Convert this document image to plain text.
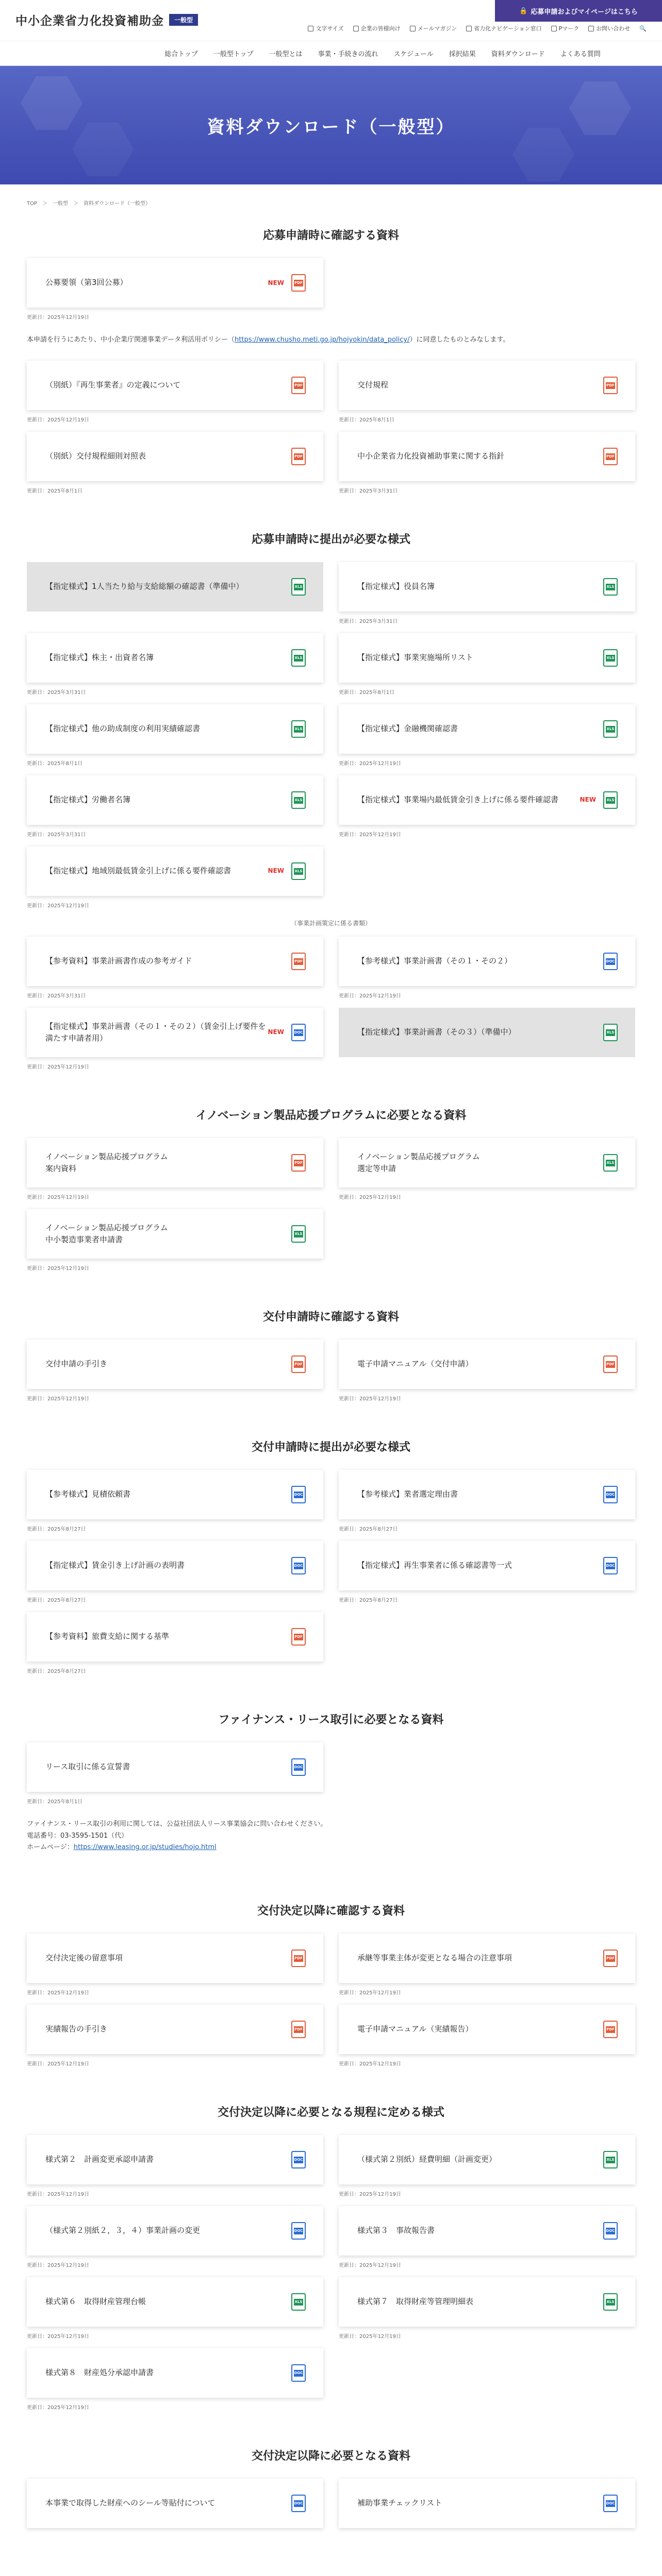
中小企業省力化投資補助金	一般型
🔒 応募申請およびマイページはこちら
文字サイズ	企業の皆様向け	メールマガジン	省力化ナビゲーション窓口	Pマーク	お問い合わせ 🔍
総合トップ 一般型トップ 一般型とは 事業・手続きの流れ スケジュール 採択結果 資料ダウンロード よくある質問
資料ダウンロード（一般型）
TOP　＞　一般型　＞　資料ダウンロード（一般型）
応募申請時に確認する資料
公募要領（第3回公募）	NEW	PDF
更新日：2025年12月19日

本申請を行うにあたり、中小企業庁関連事業データ利活用ポリシー（https://www.chusho.meti.go.jp/hojyokin/data_policy/）に同意したものとみなします。

（別紙）『再生事業者』の定義について	PDF
更新日：2025年12月19日
交付規程	PDF
更新日：2025年8月1日
（別紙）交付規程細則対照表	PDF
更新日：2025年8月1日
中小企業省力化投資補助事業に関する指針	PDF
更新日：2025年3月31日
応募申請時に提出が必要な様式
【指定様式】1人当たり給与支給総額の確認書（準備中）	XLS	【指定様式】役員名簿	XLS
更新日：2025年3月31日
【指定様式】株主・出資者名簿	XLS
更新日：2025年3月31日
【指定様式】事業実施場所リスト	XLS
更新日：2025年8月1日
【指定様式】他の助成制度の利用実績確認書	XLS
更新日：2025年8月1日
【指定様式】金融機関確認書	XLS
更新日：2025年12月19日
【指定様式】労働者名簿	XLS
更新日：2025年3月31日
【指定様式】事業場内最低賃金引き上げに係る要件確認書	NEW	XLS
更新日：2025年12月19日
【指定様式】地域別最低賃金引上げに係る要件確認書	NEW	XLS
更新日：2025年12月19日
（事業計画策定に係る書類）
【参考資料】事業計画書作成の参考ガイド	PDF
更新日：2025年3月31日
【参考様式】事業計画書（その１・その２）	DOC
更新日：2025年12月19日
【指定様式】事業計画書（その１・その２）（賃金引上げ要件を満たす申請者用）
NEW	DOC
更新日：2025年12月19日
【指定様式】事業計画書（その３）（準備中）	XLS
イノベーション製品応援プログラムに必要となる資料
イノベーション製品応援プログラム
案内資料
PDF
更新日：2025年12月19日
イノベーション製品応援プログラム
選定等申請
XLS
更新日：2025年12月19日
イノベーション製品応援プログラム
中小製造事業者申請書
XLS
更新日：2025年12月19日
交付申請時に確認する資料
交付申請の手引き	PDF
更新日：2025年12月19日
電子申請マニュアル（交付申請）	PDF
更新日：2025年12月19日
交付申請時に提出が必要な様式
【参考様式】見積依頼書	DOC
更新日：2025年8月27日
【参考様式】業者選定理由書	DOC
更新日：2025年8月27日
【指定様式】賃金引き上げ計画の表明書	DOC
更新日：2025年8月27日
【指定様式】再生事業者に係る確認書等一式	DOC
更新日：2025年8月27日
【参考資料】旅費支給に関する基準	PDF
更新日：2025年8月27日
ファイナンス・リース取引に必要となる資料
リース取引に係る宣誓書	DOC
更新日：2025年8月1日

ファイナンス・リース取引の利用に関しては、公益社団法人リース事業協会に問い合わせください。

電話番号：03-3595-1501（代）

ホームページ：https://www.leasing.or.jp/studies/hojo.html

交付決定以降に確認する資料
交付決定後の留意事項	PDF
更新日：2025年12月19日
承継等事業主体が変更となる場合の注意事項	PDF
更新日：2025年12月19日
実績報告の手引き	PDF
更新日：2025年12月19日
電子申請マニュアル（実績報告）	PDF
更新日：2025年12月19日
交付決定以降に必要となる規程に定める様式
様式第２　計画変更承認申請書	DOC
更新日：2025年12月19日
（様式第２別紙）経費明細（計画変更）	XLS
更新日：2025年12月19日
（様式第２別紙２，３，４）事業計画の変更	DOC
更新日：2025年12月19日
様式第３　事故報告書	DOC
更新日：2025年12月19日
様式第６　取得財産管理台帳	XLS
更新日：2025年12月19日
様式第７　取得財産等管理明細表	XLS
更新日：2025年12月19日
様式第８　財産処分承認申請書	DOC
更新日：2025年12月19日
交付決定以降に必要となる資料
本事業で取得した財産へのシール等貼付について	DOC	補助事業チェックリスト	DOC
